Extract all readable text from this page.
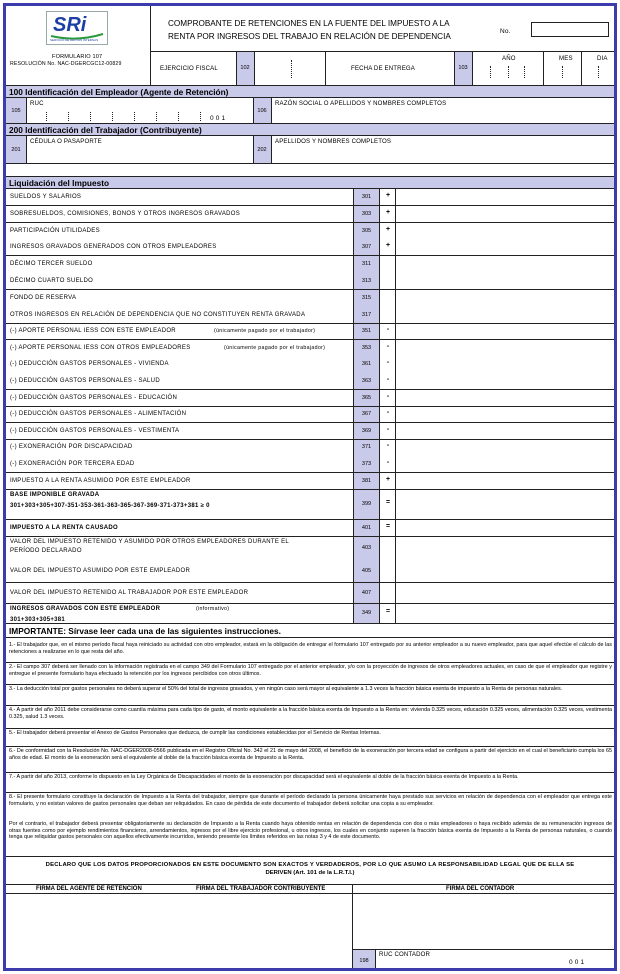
SRi
SERVICIO DE RENTAS INTERNAS
FORMULARIO 107
RESOLUCIÓN No. NAC-DGERCGC12-00829
COMPROBANTE DE RETENCIONES EN LA FUENTE DEL IMPUESTO A LA
RENTA POR INGRESOS DEL TRABAJO EN RELACIÓN DE DEPENDENCIA
No.
EJERCICIO FISCAL	102	FECHA DE ENTREGA	103
AÑO	MES	DIA
100 Identificación del Empleador (Agente de Retención)
105
RUC
0 0 1
106
RAZÓN SOCIAL O APELLIDOS Y NOMBRES COMPLETOS
200 Identificación del Trabajador (Contribuyente)
201
CÉDULA O PASAPORTE
202
APELLIDOS Y NOMBRES COMPLETOS
Liquidación del Impuesto
IMPORTANTE: Sírvase leer cada una de las siguientes instrucciones.
DECLARO QUE LOS DATOS PROPORCIONADOS EN ESTE DOCUMENTO SON EXACTOS Y VERDADEROS, POR LO QUE ASUMO LA RESPONSABILIDAD LEGAL QUE DE ELLA SE
DERIVEN (Art. 101 de la L.R.T.I.)
FIRMA DEL AGENTE DE RETENCIÓN	FIRMA DEL TRABAJADOR CONTRIBUYENTE	FIRMA DEL CONTADOR
198
RUC CONTADOR
0 0 1
SUELDOS Y SALARIOS	301	+
SOBRESUELDOS, COMISIONES, BONOS Y OTROS INGRESOS GRAVADOS	303	+
PARTICIPACIÓN UTILIDADES	305	+
INGRESOS GRAVADOS GENERADOS CON OTROS EMPLEADORES	307	+
DÉCIMO TERCER SUELDO	311
DÉCIMO CUARTO SUELDO	313
FONDO DE RESERVA	315
OTROS INGRESOS EN RELACIÓN DE DEPENDENCIA QUE NO CONSTITUYEN RENTA GRAVADA	317
(-) APORTE PERSONAL IESS CON ESTE EMPLEADOR	(únicamente pagado por el trabajador)	351	-
(-) APORTE PERSONAL IESS CON OTROS EMPLEADORES	(únicamente pagado por el trabajador)	353	-
(-) DEDUCCIÓN GASTOS PERSONALES - VIVIENDA	361	-
(-) DEDUCCIÓN GASTOS PERSONALES - SALUD	363	-
(-) DEDUCCIÓN GASTOS PERSONALES - EDUCACIÓN	365	-
(-) DEDUCCIÓN GASTOS PERSONALES - ALIMENTACIÓN	367	-
(-) DEDUCCIÓN GASTOS PERSONALES - VESTIMENTA	369	-
(-) EXONERACIÓN POR DISCAPACIDAD	371	-
(-) EXONERACIÓN POR TERCERA EDAD	373	-
IMPUESTO A LA RENTA ASUMIDO POR ESTE EMPLEADOR	381	+
BASE IMPONIBLE GRAVADA
301+303+305+307-351-353-361-363-365-367-369-371-373+381 ≥ 0	399	=
IMPUESTO A LA RENTA CAUSADO	401	=
VALOR DEL IMPUESTO RETENIDO Y ASUMIDO POR OTROS EMPLEADORES DURANTE EL
PERÍODO DECLARADO	403
VALOR DEL IMPUESTO ASUMIDO POR ESTE EMPLEADOR	405
VALOR DEL IMPUESTO RETENIDO AL TRABAJADOR POR ESTE EMPLEADOR	407
INGRESOS GRAVADOS CON ESTE EMPLEADOR	(informativo)
301+303+305+381
349	=
1.- El trabajador que, en el mismo período fiscal haya reiniciado su actividad con otro empleador, estará en la obligación de entregar el formulario 107 entregado por su anterior empleador a su nuevo empleador, para que aquel efectúe el cálculo de las retenciones a realizarse en lo que resta del año.
2.- El campo 307 deberá ser llenado con la información registrada en el campo 349 del Formulario 107 entregado por el anterior empleador, y/o con la proyección de ingresos de otros empleadores actuales, en caso de que el empleador que registre y entregue el presente formulario haya efectuado la retención por los ingresos percibidos con otros últimos.
3.- La deducción total por gastos personales no deberá superar el 50% del total de ingresos gravados, y en ningún caso será mayor al equivalente a 1.3 veces la fracción básica exenta de impuesto a la Renta de personas naturales.
4.- A partir del año 2011 debe considerarse como cuantía máxima para cada tipo de gasto, el monto equivalente a la fracción básica exenta de Impuesto a la Renta en: vivienda 0.325 veces, educación 0.325 veces, alimentación 0.325 veces, vestimenta 0.325, salud 1.3 veces.
5.- El trabajador deberá presentar el Anexo de Gastos Personales que deduzca, de cumplir las condiciones establecidas por el Servicio de Rentas Internas.
6.- De conformidad con la Resolución No. NAC-DGER2008-0566 publicada en el Registro Oficial No. 342 el 21 de mayo del 2008, el beneficio de la exoneración por tercera edad se configura a partir del ejercicio en el cual el beneficiario cumpla los 65 años de edad. El monto de la exoneración será el equivalente al doble de la fracción básica exenta de Impuesto a la Renta.
7.- A partir del año 2013, conforme lo dispuesto en la Ley Orgánica de Discapacidades el monto de la exoneración por discapacidad será el equivalente al doble de la fracción básica exenta de Impuesto a la Renta.
8.- El presente formulario constituye la declaración de Impuesto a la Renta del trabajador, siempre que durante el período declarado la persona únicamente haya prestado sus servicios en relación de dependencia con el empleador que entrega este formulario, y no existan valores de gastos personales que deban ser reliquidados. En caso de pérdida de este documento el trabajador deberá solicitar una copia a su empleador.
Por el contrario, el trabajador deberá presentar obligatoriamente su declaración de Impuesto a la Renta cuando haya obtenido rentas en relación de dependencia con dos o más empleadores o haya recibido además de su remuneración ingresos de otras fuentes como por ejemplo rendimientos financieros, arrendamientos, ingresos por el libre ejercicio profesional, u otros ingresos, los cuales en conjunto superen la fracción básica exenta de Impuesto a la Renta de personas naturales, o cuando tenga que reliquidar gastos personales con aquellos efectivamente incurridos, teniendo presente los límites referidos en las notas 3 y 4 de este documento.
